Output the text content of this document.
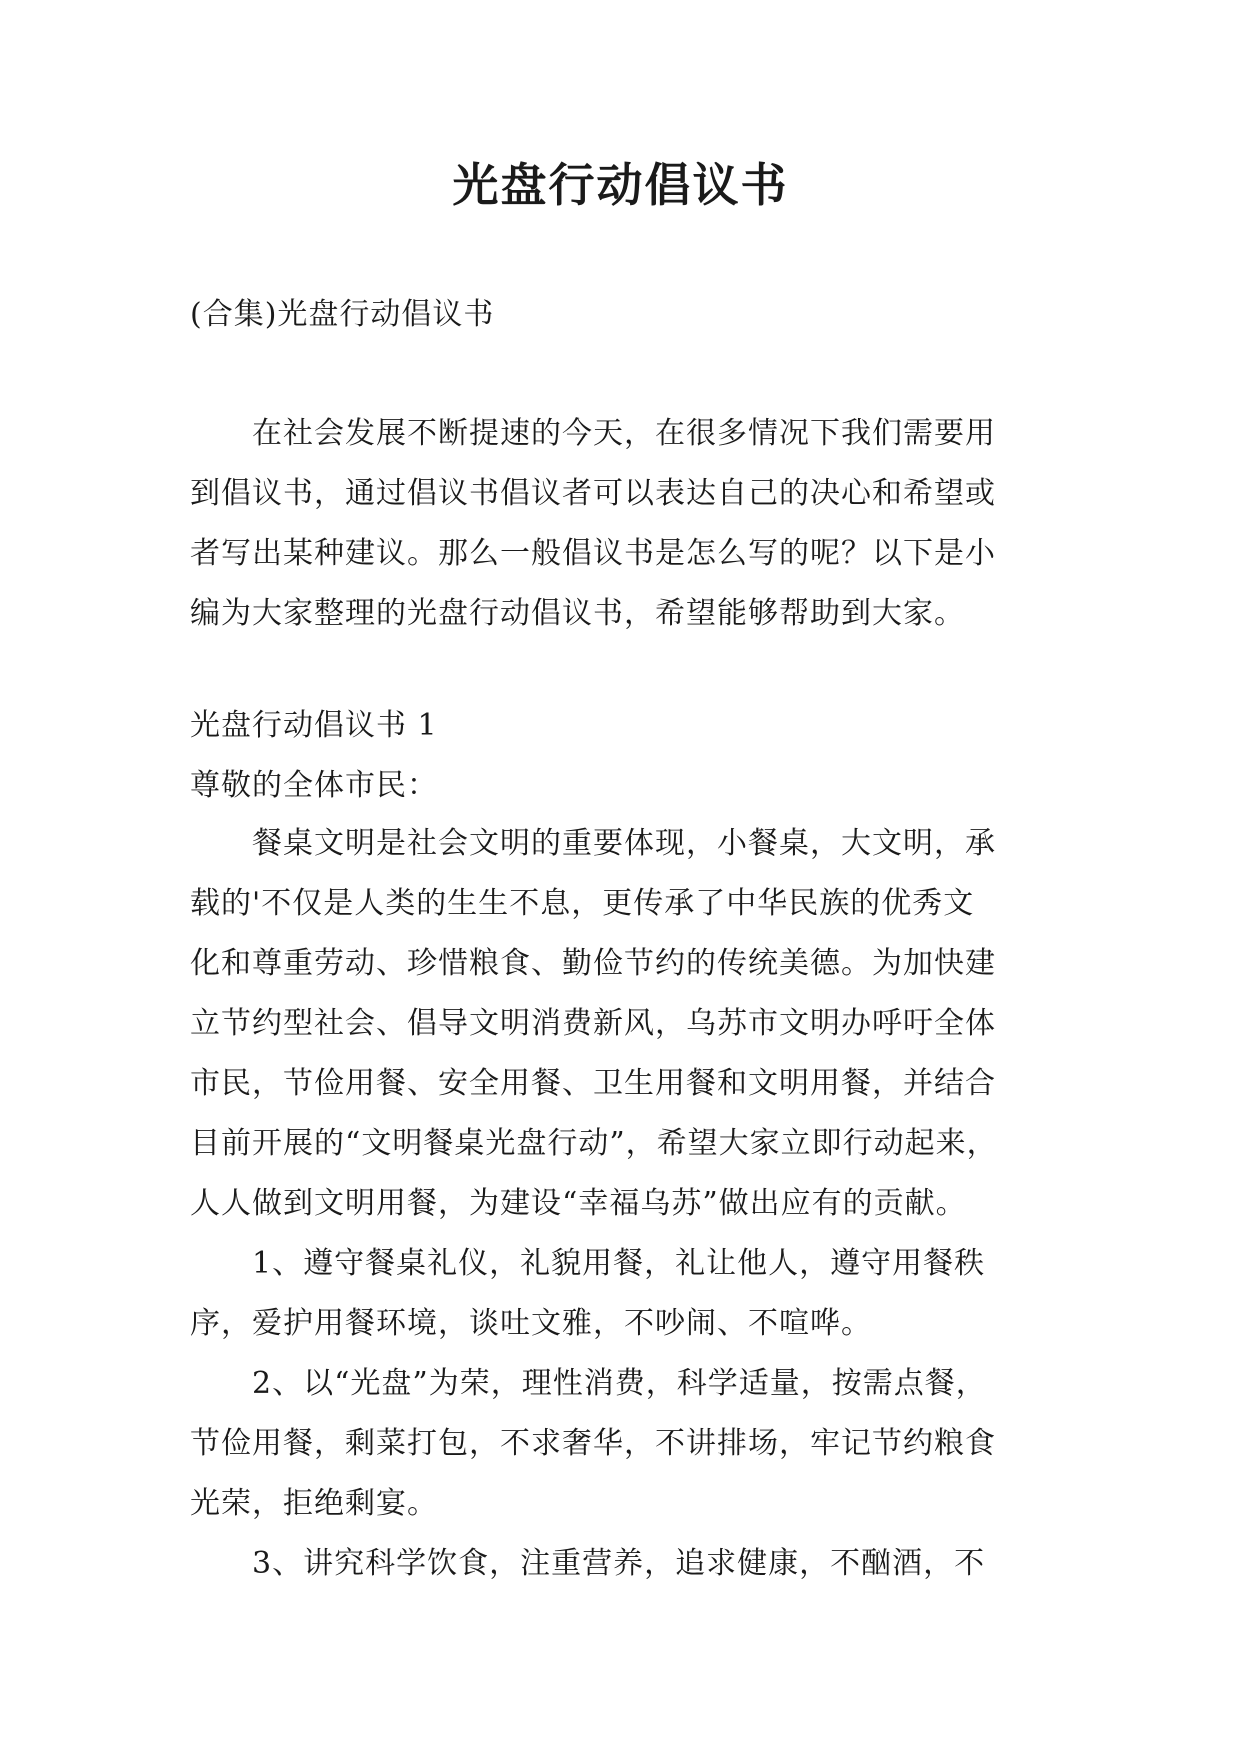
光盘行动倡议书

(合集)光盘行动倡议书

　　在社会发展不断提速的今天，在很多情况下我们需要用
到倡议书，通过倡议书倡议者可以表达自己的决心和希望或
者写出某种建议。那么一般倡议书是怎么写的呢？以下是小
编为大家整理的光盘行动倡议书，希望能够帮助到大家。
光盘行动倡议书 1
尊敬的全体市民：
　　餐桌文明是社会文明的重要体现，小餐桌，大文明，承
载的'不仅是人类的生生不息，更传承了中华民族的优秀文
化和尊重劳动、珍惜粮食、勤俭节约的传统美德。为加快建
立节约型社会、倡导文明消费新风，乌苏市文明办呼吁全体
市民，节俭用餐、安全用餐、卫生用餐和文明用餐，并结合
目前开展的“文明餐桌光盘行动”，希望大家立即行动起来，
人人做到文明用餐，为建设“幸福乌苏”做出应有的贡献。
　　1、遵守餐桌礼仪，礼貌用餐，礼让他人，遵守用餐秩
序，爱护用餐环境，谈吐文雅，不吵闹、不喧哗。
　　2、以“光盘”为荣，理性消费，科学适量，按需点餐，
节俭用餐，剩菜打包，不求奢华，不讲排场，牢记节约粮食
光荣，拒绝剩宴。
　　3、讲究科学饮食，注重营养，追求健康，不酗酒，不
